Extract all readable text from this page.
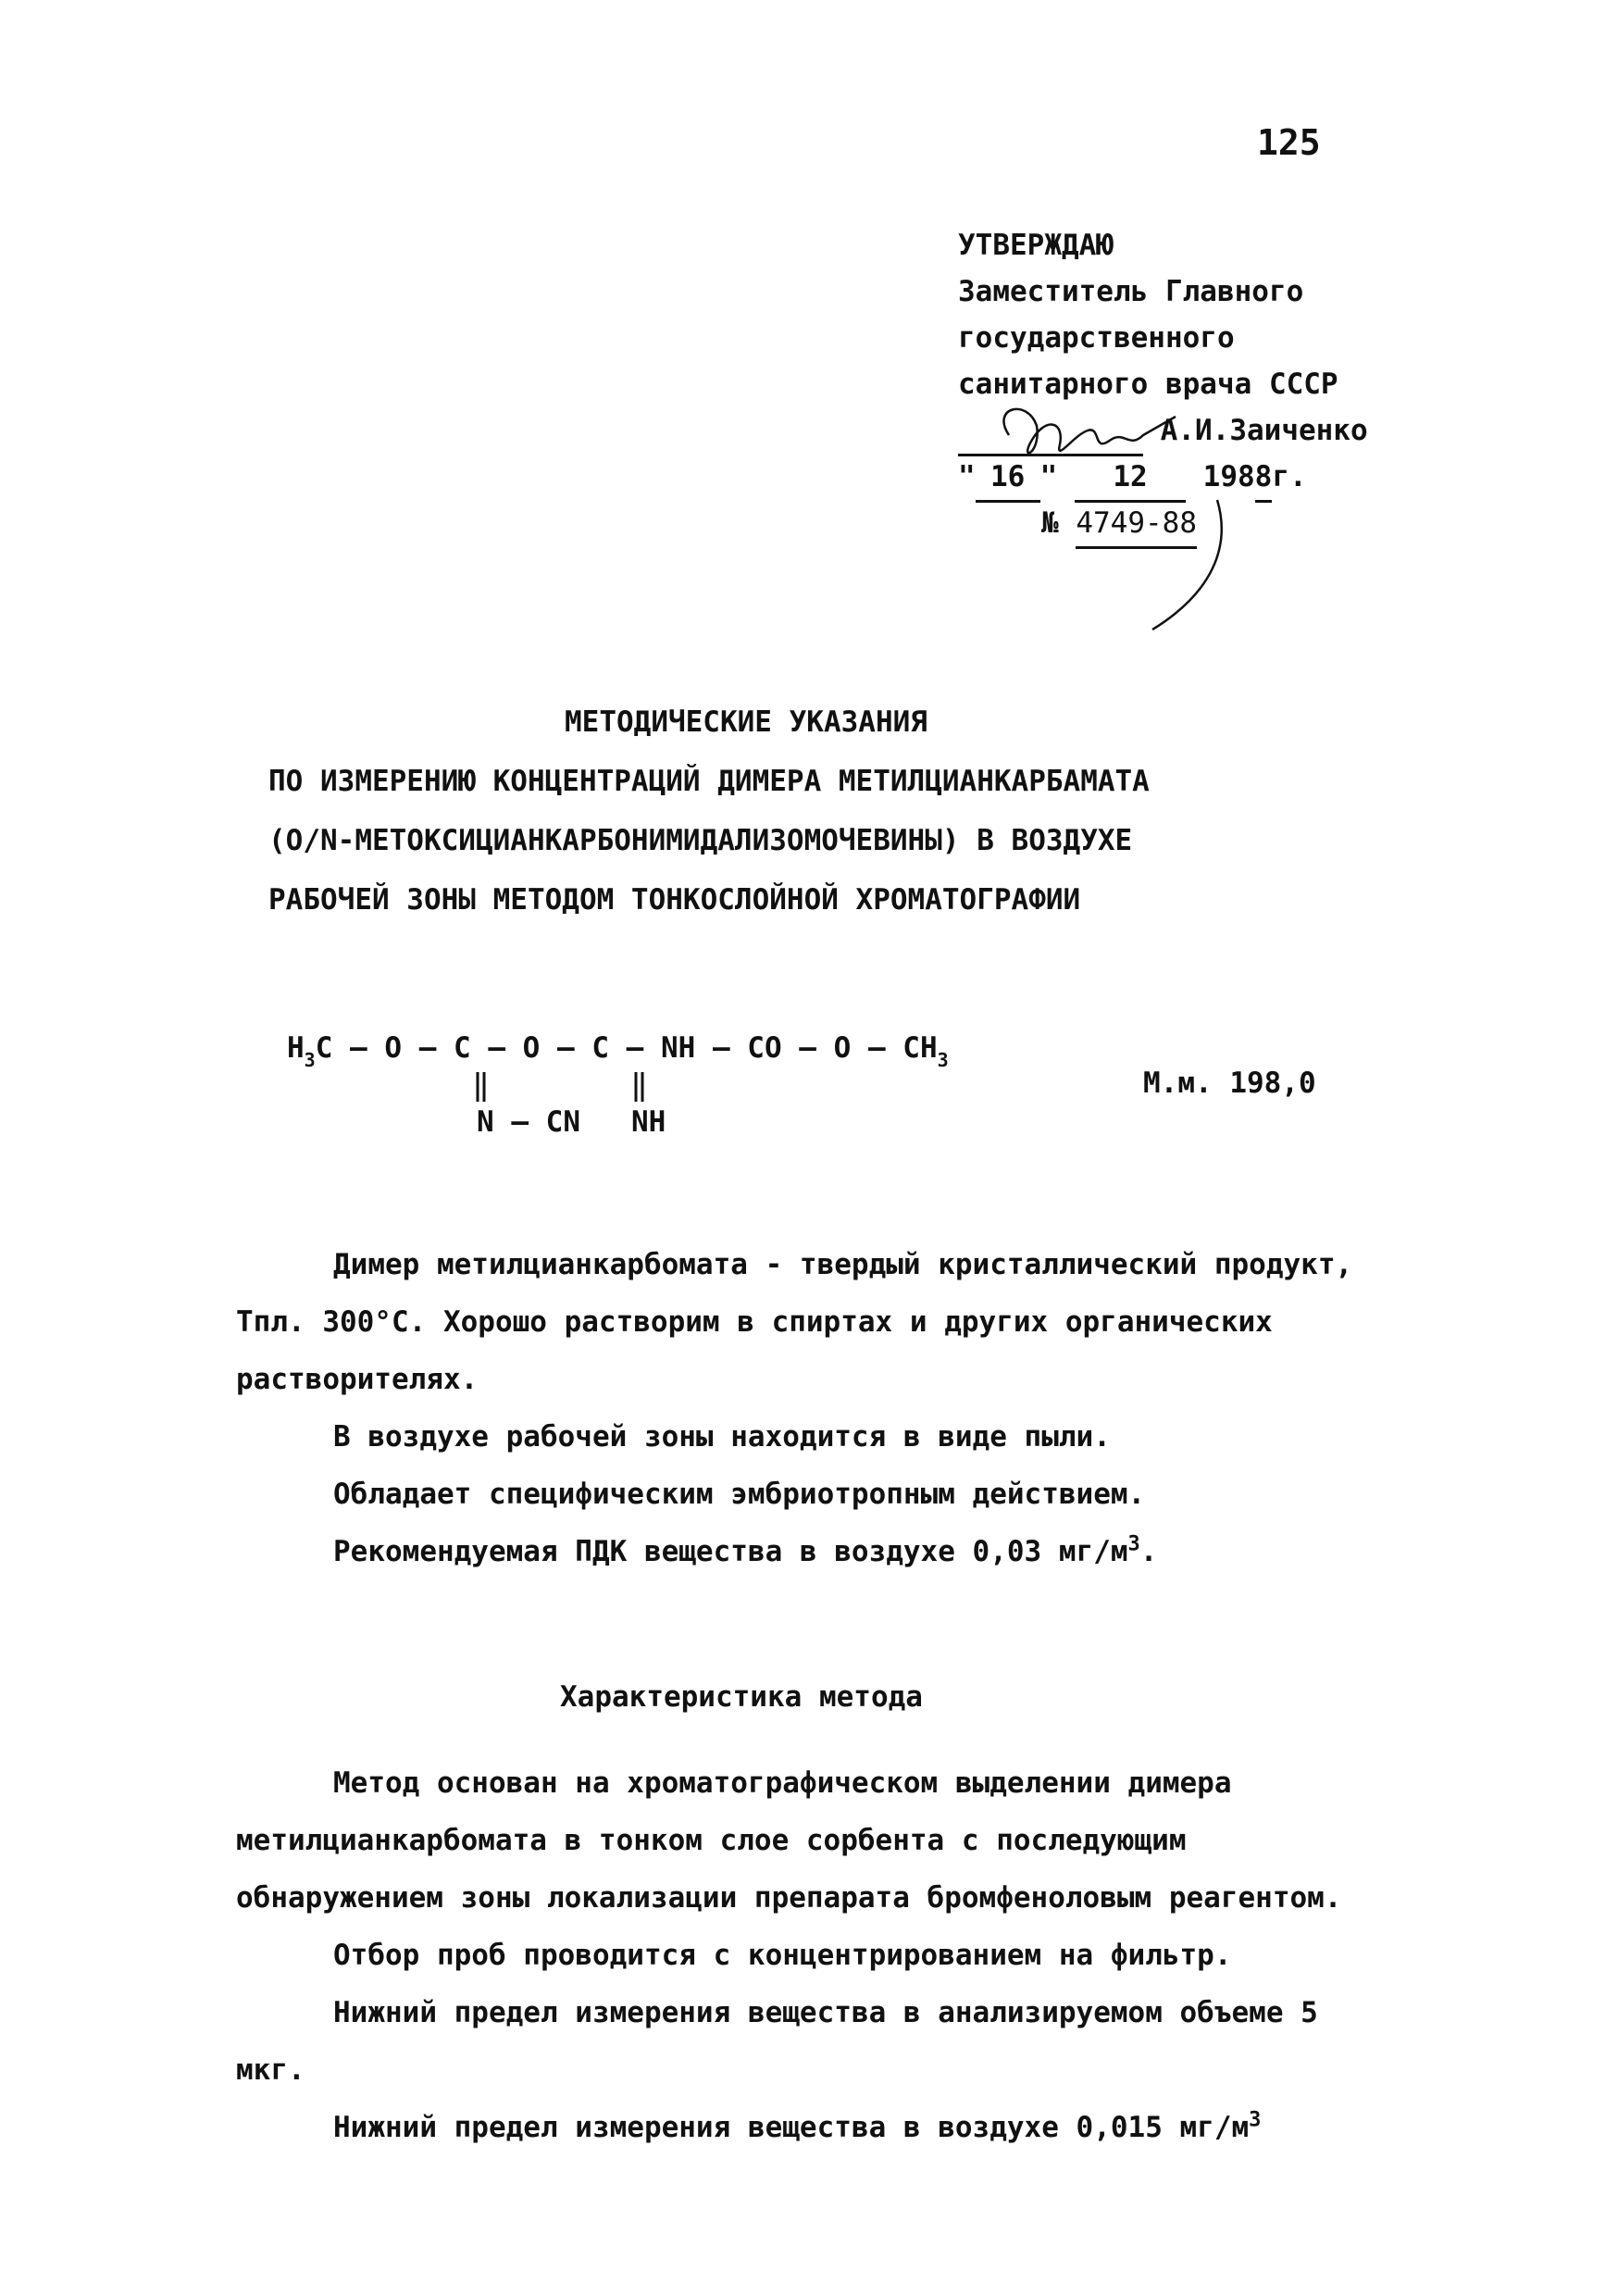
125
УТВЕРЖДАЮ
Заместитель Главного
государственного
санитарного врача СССР
А.И.Заиченко
" 16 " 12 1988г.
№ 4749-88
МЕТОДИЧЕСКИЕ УКАЗАНИЯ
ПО ИЗМЕРЕНИЮ КОНЦЕНТРАЦИЙ ДИМЕРА МЕТИЛЦИАНКАРБАМАТА
(О/N-МЕТОКСИЦИАНКАРБОНИМИДАЛИЗОМОЧЕВИНЫ) В ВОЗДУХЕ
РАБОЧЕЙ ЗОНЫ МЕТОДОМ ТОНКОСЛОЙНОЙ ХРОМАТОГРАФИИ
$H_3C$ – O – C – O – C – NH – CO – O – $CH_3$
N – CN NH
М.м. 198,0

Димер метилцианкарбомата - твердый кристаллический продукт, Тпл. 300°С. Хорошо растворим в спиртах и других органических растворителях.

В воздухе рабочей зоны находится в виде пыли.

Обладает специфическим эмбриотропным действием.

Рекомендуемая ПДК вещества в воздухе 0,03 $мг/м^3$.

Характеристика метода

Метод основан на хроматографическом выделении димера метилцианкарбомата в тонком слое сорбента с последующим обнаружением зоны локализации препарата бромфеноловым реагентом.

Отбор проб проводится с концентрированием на фильтр.

Нижний предел измерения вещества в анализируемом объеме 5 мкг.

Нижний предел измерения вещества в воздухе 0,015 $мг/м^3$
